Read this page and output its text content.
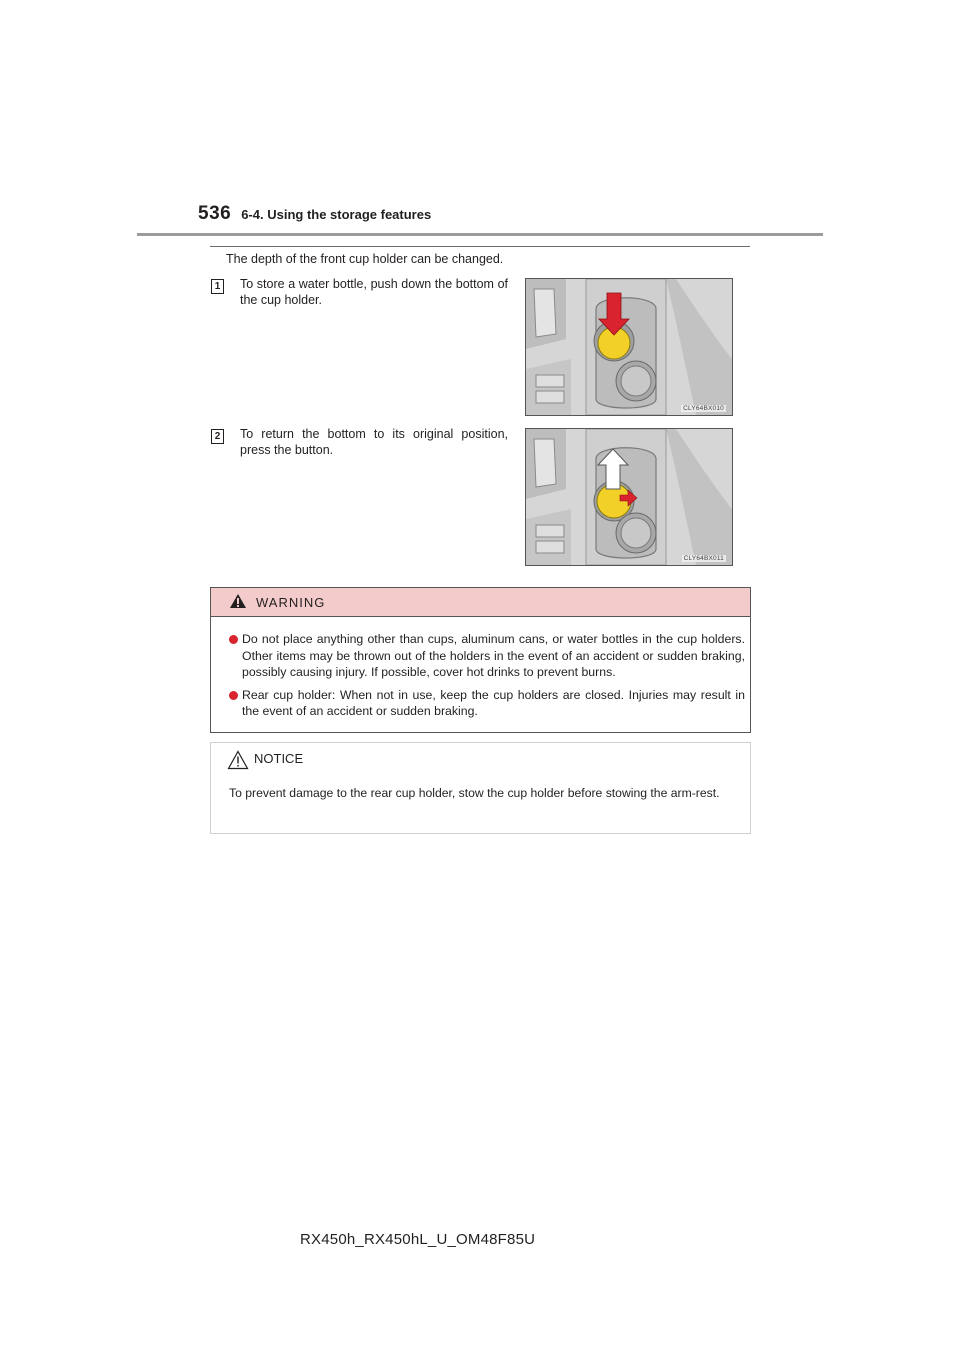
536 6-4. Using the storage features
The depth of the front cup holder can be changed.
1 To store a water bottle, push down the bottom of the cup holder.
CLY64BX010
2 To return the bottom to its original position, press the button.
CLY64BX011
WARNING
Do not place anything other than cups, aluminum cans, or water bottles in the cup holders. Other items may be thrown out of the holders in the event of an accident or sudden braking, possibly causing injury. If possible, cover hot drinks to prevent burns.
Rear cup holder: When not in use, keep the cup holders are closed. Injuries may result in the event of an accident or sudden braking.
NOTICE
To prevent damage to the rear cup holder, stow the cup holder before stowing the arm-rest.
RX450h_RX450hL_U_OM48F85U
